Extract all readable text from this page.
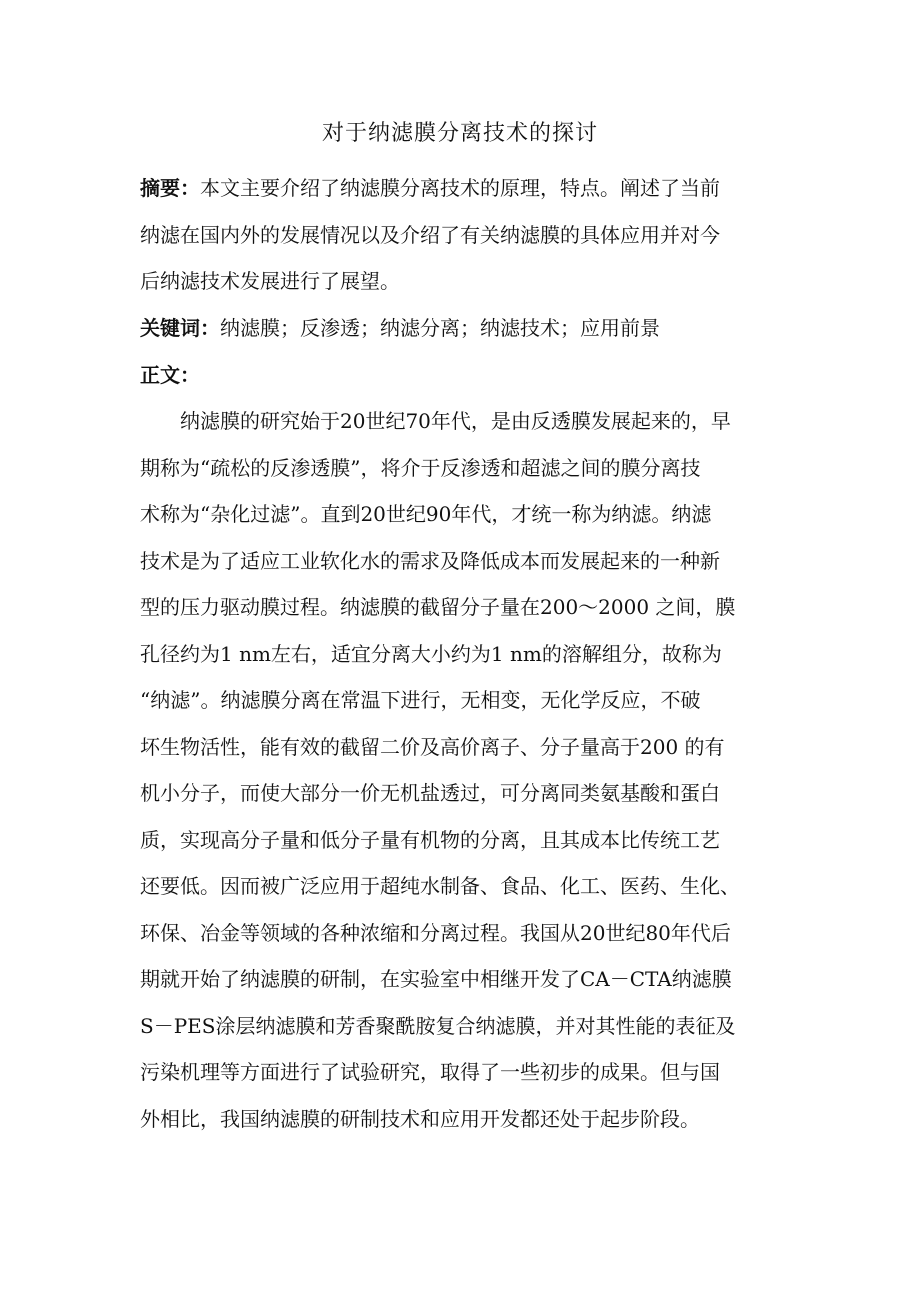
对于纳滤膜分离技术的探讨
摘要：本文主要介绍了纳滤膜分离技术的原理，特点。阐述了当前
纳滤在国内外的发展情况以及介绍了有关纳滤膜的具体应用并对今
后纳滤技术发展进行了展望。
关键词：纳滤膜；反渗透；纳滤分离；纳滤技术；应用前景
正文：
　　纳滤膜的研究始于20世纪70年代，是由反透膜发展起来的，早
期称为“疏松的反渗透膜”，将介于反渗透和超滤之间的膜分离技
术称为“杂化过滤”。直到20世纪90年代，才统一称为纳滤。纳滤
技术是为了适应工业软化水的需求及降低成本而发展起来的一种新
型的压力驱动膜过程。纳滤膜的截留分子量在200～2000 之间，膜
孔径约为1 nm左右，适宜分离大小约为1 nm的溶解组分，故称为
“纳滤”。纳滤膜分离在常温下进行，无相变，无化学反应，不破
坏生物活性，能有效的截留二价及高价离子、分子量高于200 的有
机小分子，而使大部分一价无机盐透过，可分离同类氨基酸和蛋白
质，实现高分子量和低分子量有机物的分离，且其成本比传统工艺
还要低。因而被广泛应用于超纯水制备、食品、化工、医药、生化、
环保、冶金等领域的各种浓缩和分离过程。我国从20世纪80年代后
期就开始了纳滤膜的研制，在实验室中相继开发了CA－CTA纳滤膜
S－PES涂层纳滤膜和芳香聚酰胺复合纳滤膜，并对其性能的表征及
污染机理等方面进行了试验研究，取得了一些初步的成果。但与国
外相比，我国纳滤膜的研制技术和应用开发都还处于起步阶段。
